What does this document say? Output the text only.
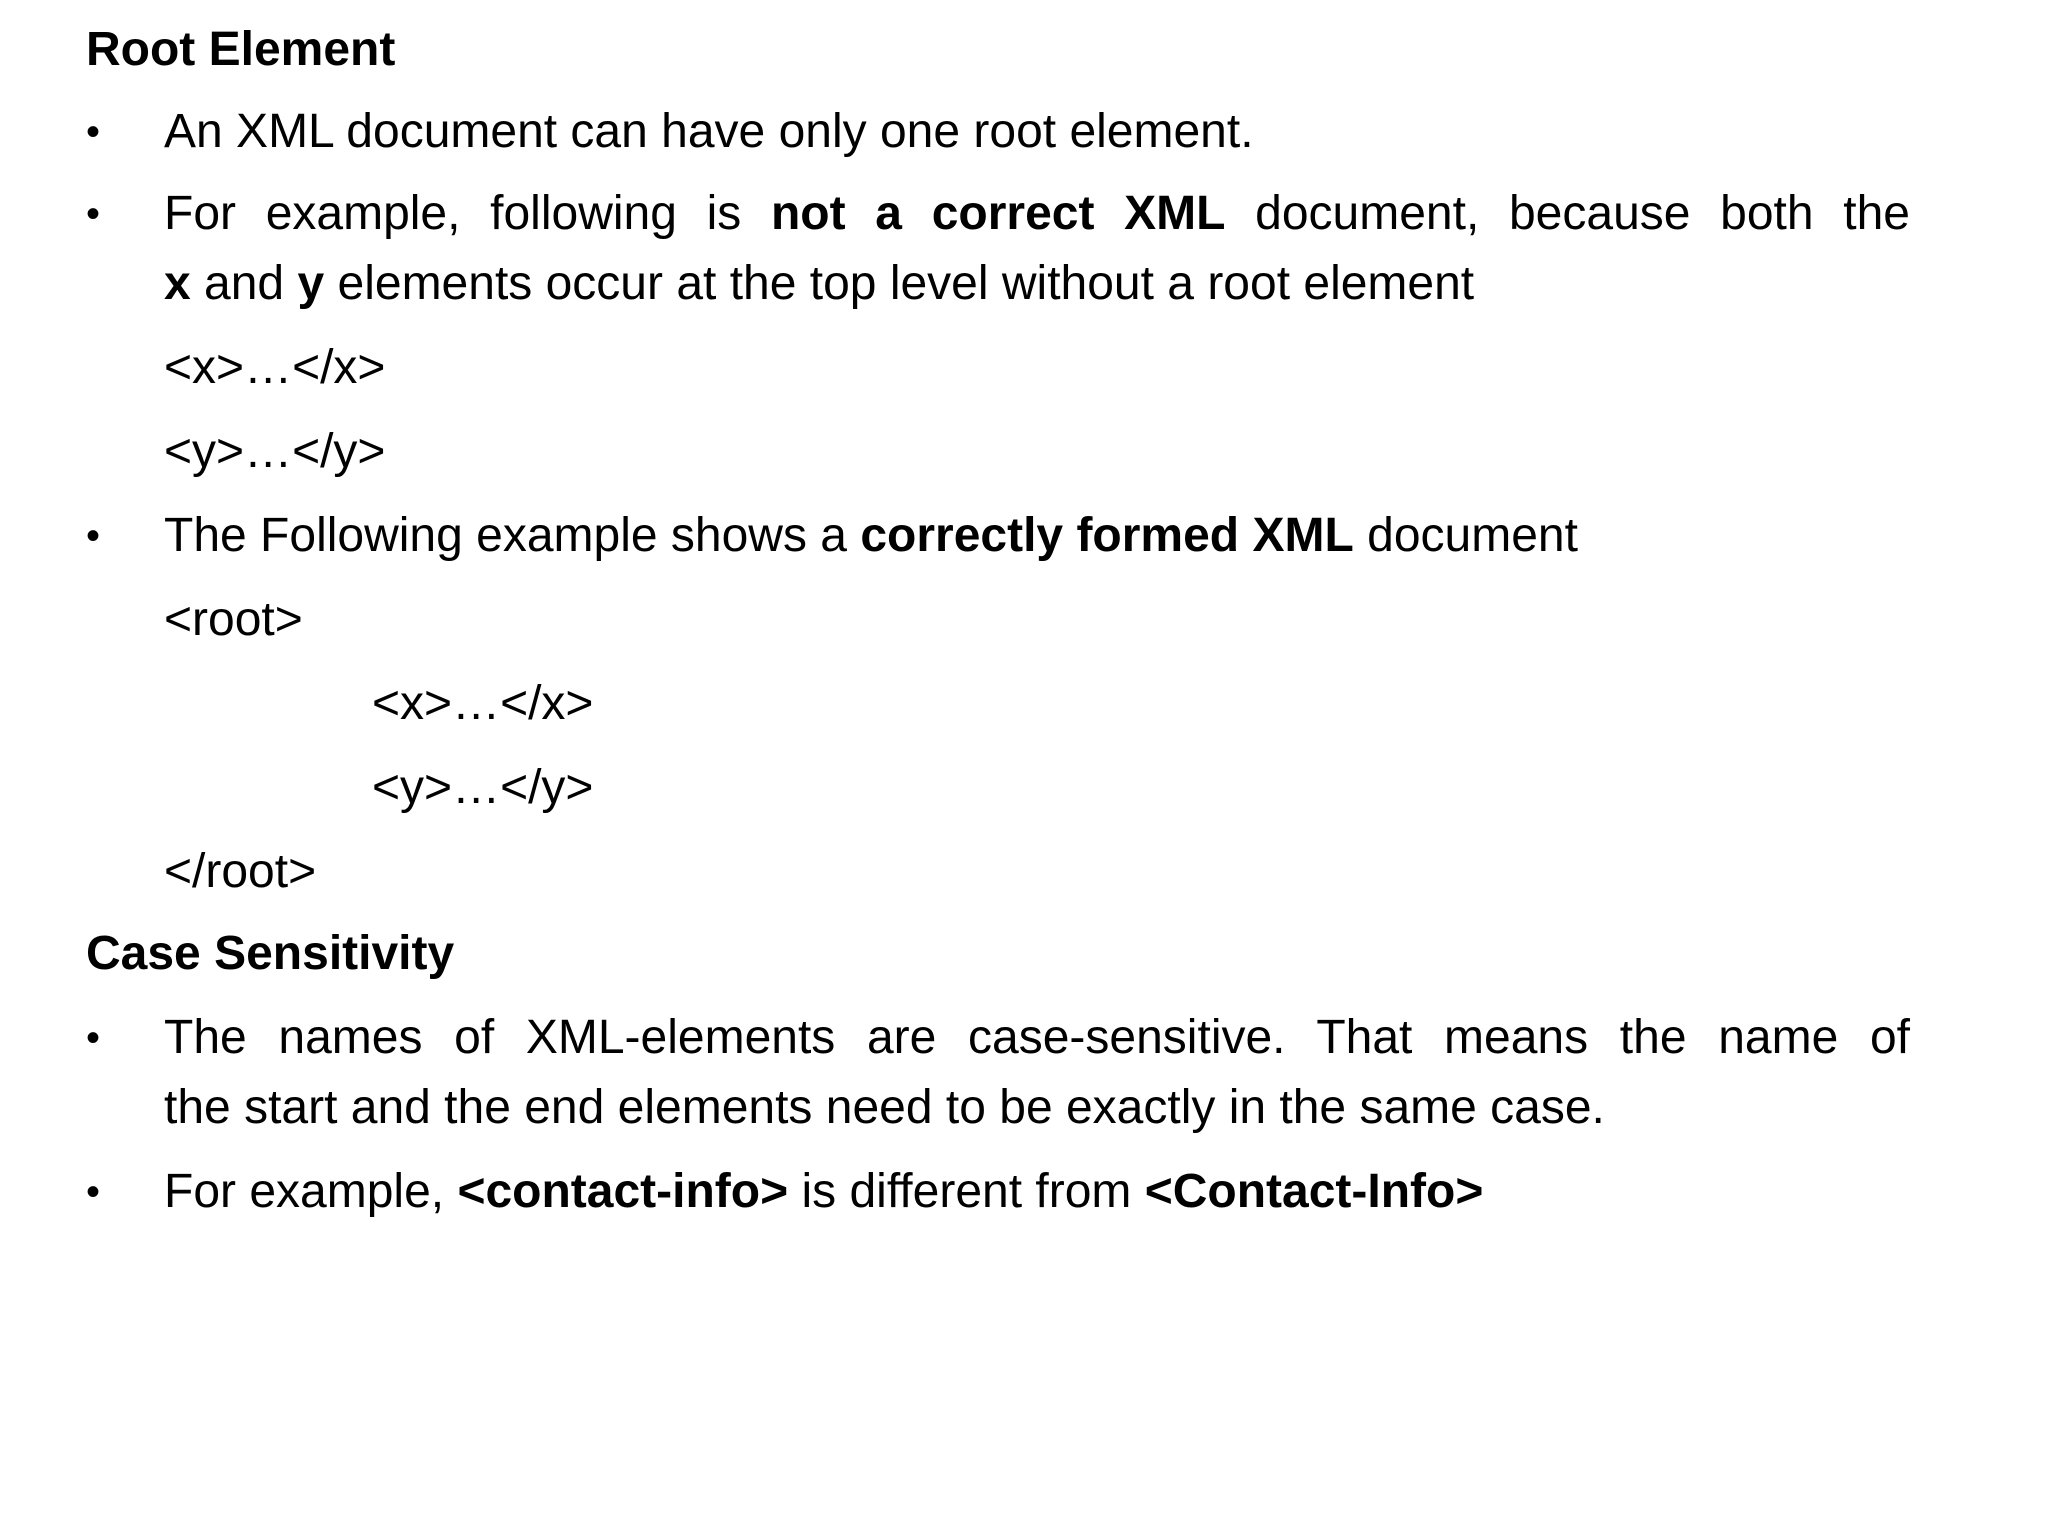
Root Element
•	An XML document can have only one root element.
•	For example, following is not a correct XML document, because both the
x and y elements occur at the top level without a root element
<x>…</x>
<y>…</y>
•	The Following example shows a correctly formed XML document
<root>
<x>…</x>
<y>…</y>
</root>
Case Sensitivity
•	The names of XML-elements are case-sensitive. That means the name of
the start and the end elements need to be exactly in the same case.
•	For example, <contact-info> is different from <Contact-Info>
